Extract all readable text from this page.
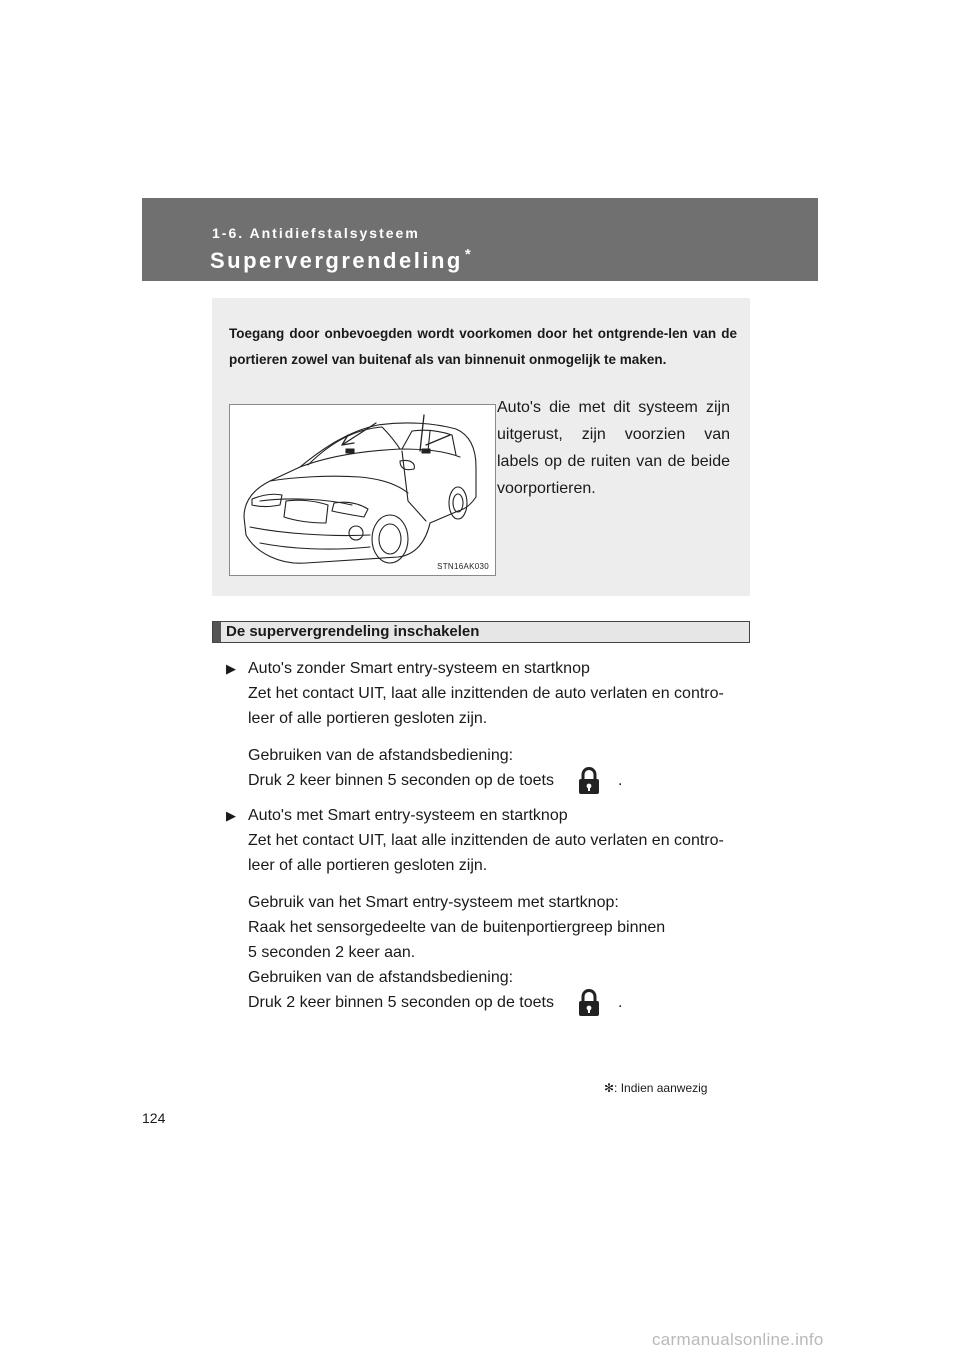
1-6. Antidiefstalsysteem
Supervergrendeling *
Toegang door onbevoegden wordt voorkomen door het ontgrende-len van de portieren zowel van buitenaf als van binnenuit onmogelijk te maken.
STN16AK030
Auto's die met dit systeem zijn uitgerust, zijn voorzien van labels op de ruiten van de beide voorportieren.
De supervergrendeling inschakelen
▶ Auto's zonder Smart entry-systeem en startknop
Zet het contact UIT, laat alle inzittenden de auto verlaten en contro-leer of alle portieren gesloten zijn.
Gebruiken van de afstandsbediening:
Druk 2 keer binnen 5 seconden op de toets	.
▶ Auto's met Smart entry-systeem en startknop
Zet het contact UIT, laat alle inzittenden de auto verlaten en contro-leer of alle portieren gesloten zijn.
Gebruik van het Smart entry-systeem met startknop:
Raak het sensorgedeelte van de buitenportiergreep binnen
5 seconden 2 keer aan.
Gebruiken van de afstandsbediening:
Druk 2 keer binnen 5 seconden op de toets	.
✻: Indien aanwezig
124
carmanualsonline.info
